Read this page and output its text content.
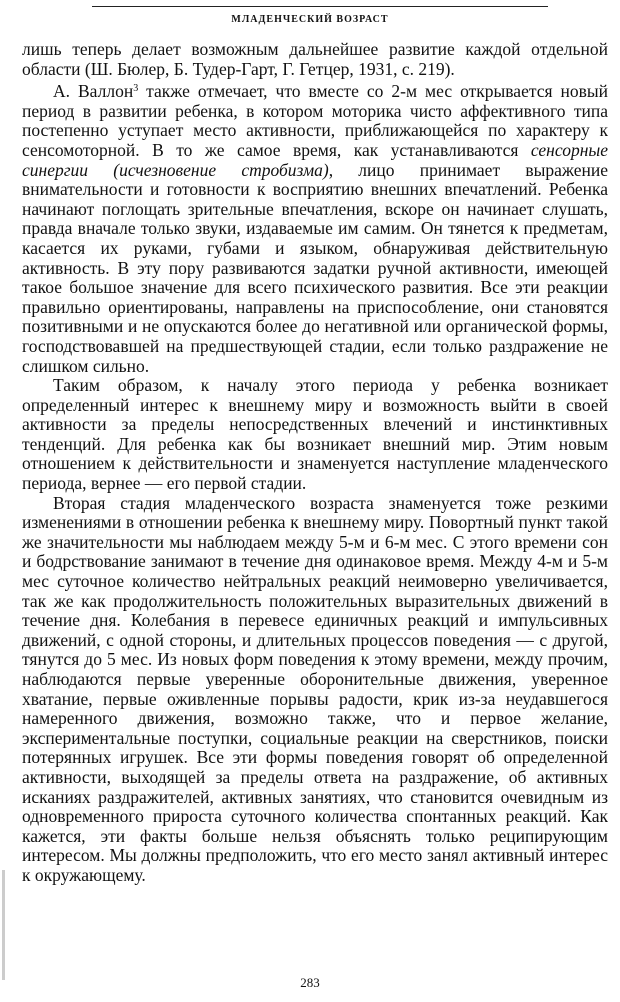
МЛАДЕНЧЕСКИЙ ВОЗРАСТ

лишь теперь делает возможным дальнейшее развитие каждой отдельной области (Ш. Бюлер, Б. Тудер-Гарт, Г. Гетцер, 1931, с. 219).

А. Валлон$^3$ также отмечает, что вместе со 2-м мес открывается новый период в развитии ребенка, в котором моторика чисто аффективного типа постепенно уступает место активности, приближающейся по характеру к сенсомоторной. В то же самое время, как устанавливаются сенсорные синергии (исчезновение стробизма), лицо принимает выражение внимательности и готовности к восприятию внешних впечатлений. Ребенка начинают поглощать зрительные впечатления, вскоре он начинает слушать, правда вначале только звуки, издаваемые им самим. Он тянется к предметам, касается их руками, губами и языком, обнаруживая действительную активность. В эту пору развиваются задатки ручной активности, имеющей такое большое значение для всего психического развития. Все эти реакции правильно ориентированы, направлены на приспособление, они становятся позитивными и не опускаются более до негативной или органической формы, господствовавшей на предшествующей стадии, если только раздражение не слишком сильно.

Таким образом, к началу этого периода у ребенка возникает определенный интерес к внешнему миру и возможность выйти в своей активности за пределы непосредственных влечений и инстинктивных тенденций. Для ребенка как бы возникает внешний мир. Этим новым отношением к действительности и знаменуется наступление младенческого периода, вернее — его первой стадии.

Вторая стадия младенческого возраста знаменуется тоже резкими изменениями в отношении ребенка к внешнему миру. Повортный пункт такой же значительности мы наблюдаем между 5-м и 6-м мес. С этого времени сон и бодрствование занимают в течение дня одинаковое время. Между 4-м и 5-м мес суточное количество нейтральных реакций неимоверно увеличивается, так же как продолжительность положительных выразительных движений в течение дня. Колебания в перевесе единичных реакций и импульсивных движений, с одной стороны, и длительных процессов поведения — с другой, тянутся до 5 мес. Из новых форм поведения к этому времени, между прочим, наблюдаются первые уверенные оборонительные движения, уверенное хватание, первые оживленные порывы радости, крик из-за неудавшегося намеренного движения, возможно также, что и первое желание, экспериментальные поступки, социальные реакции на сверстников, поиски потерянных игрушек. Все эти формы поведения говорят об определенной активности, выходящей за пределы ответа на раздражение, об активных исканиях раздражителей, активных занятиях, что становится очевидным из одновременного прироста суточного количества спонтанных реакций. Как кажется, эти факты больше нельзя объяснять только реципирующим интересом. Мы должны предположить, что его место занял активный интерес к окружающему.

283
